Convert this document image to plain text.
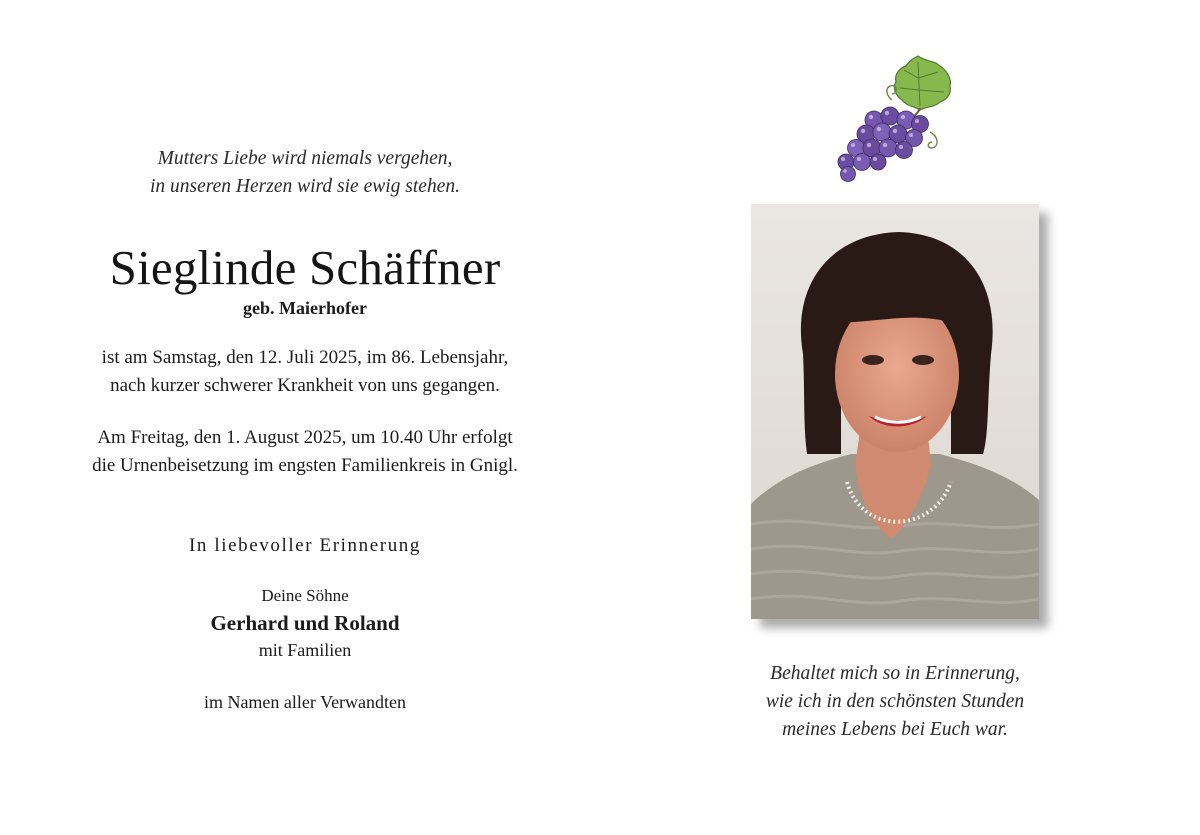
Mutters Liebe wird niemals vergehen,
in unseren Herzen wird sie ewig stehen.
Sieglinde Schäffner
geb. Maierhofer
ist am Samstag, den 12. Juli 2025, im 86. Lebensjahr,
nach kurzer schwerer Krankheit von uns gegangen.
Am Freitag, den 1. August 2025, um 10.40 Uhr erfolgt
die Urnenbeisetzung im engsten Familienkreis in Gnigl.
In liebevoller Erinnerung
Deine Söhne
Gerhard und Roland
mit Familien
im Namen aller Verwandten
Behaltet mich so in Erinnerung,
wie ich in den schönsten Stunden
meines Lebens bei Euch war.
